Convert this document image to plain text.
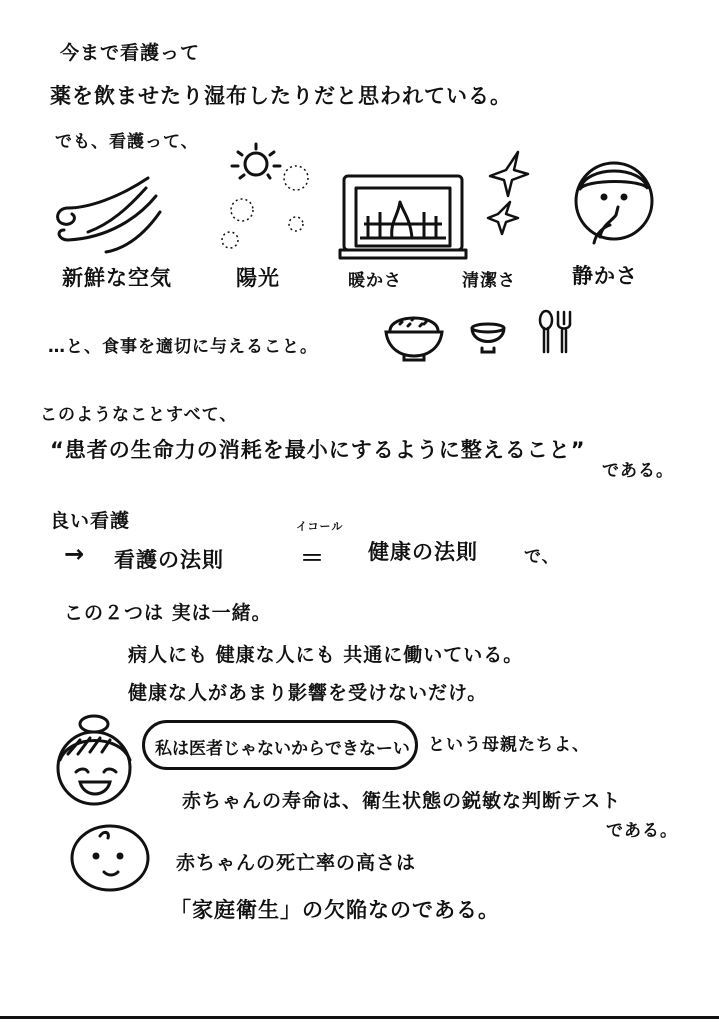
今まで看護って
薬を飲ませたり湿布したりだと思われている。
でも、看護って、
新鮮な空気	陽光	暖かさ	清潔さ	静かさ
…と、食事を適切に与えること。
このようなことすべて、
“患者の生命力の消耗を最小にするように整えること”
である。
良い看護
→ 看護の法則
イコール
＝ 健康の法則	で、
この２つは 実は一緒。
病人にも 健康な人にも 共通に働いている。
健康な人があまり影響を受けないだけ。
私は医者じゃないからできなーい という母親たちよ、
赤ちゃんの寿命は、衛生状態の鋭敏な判断テスト
である。
赤ちゃんの死亡率の高さは
「家庭衛生」の欠陥なのである。
